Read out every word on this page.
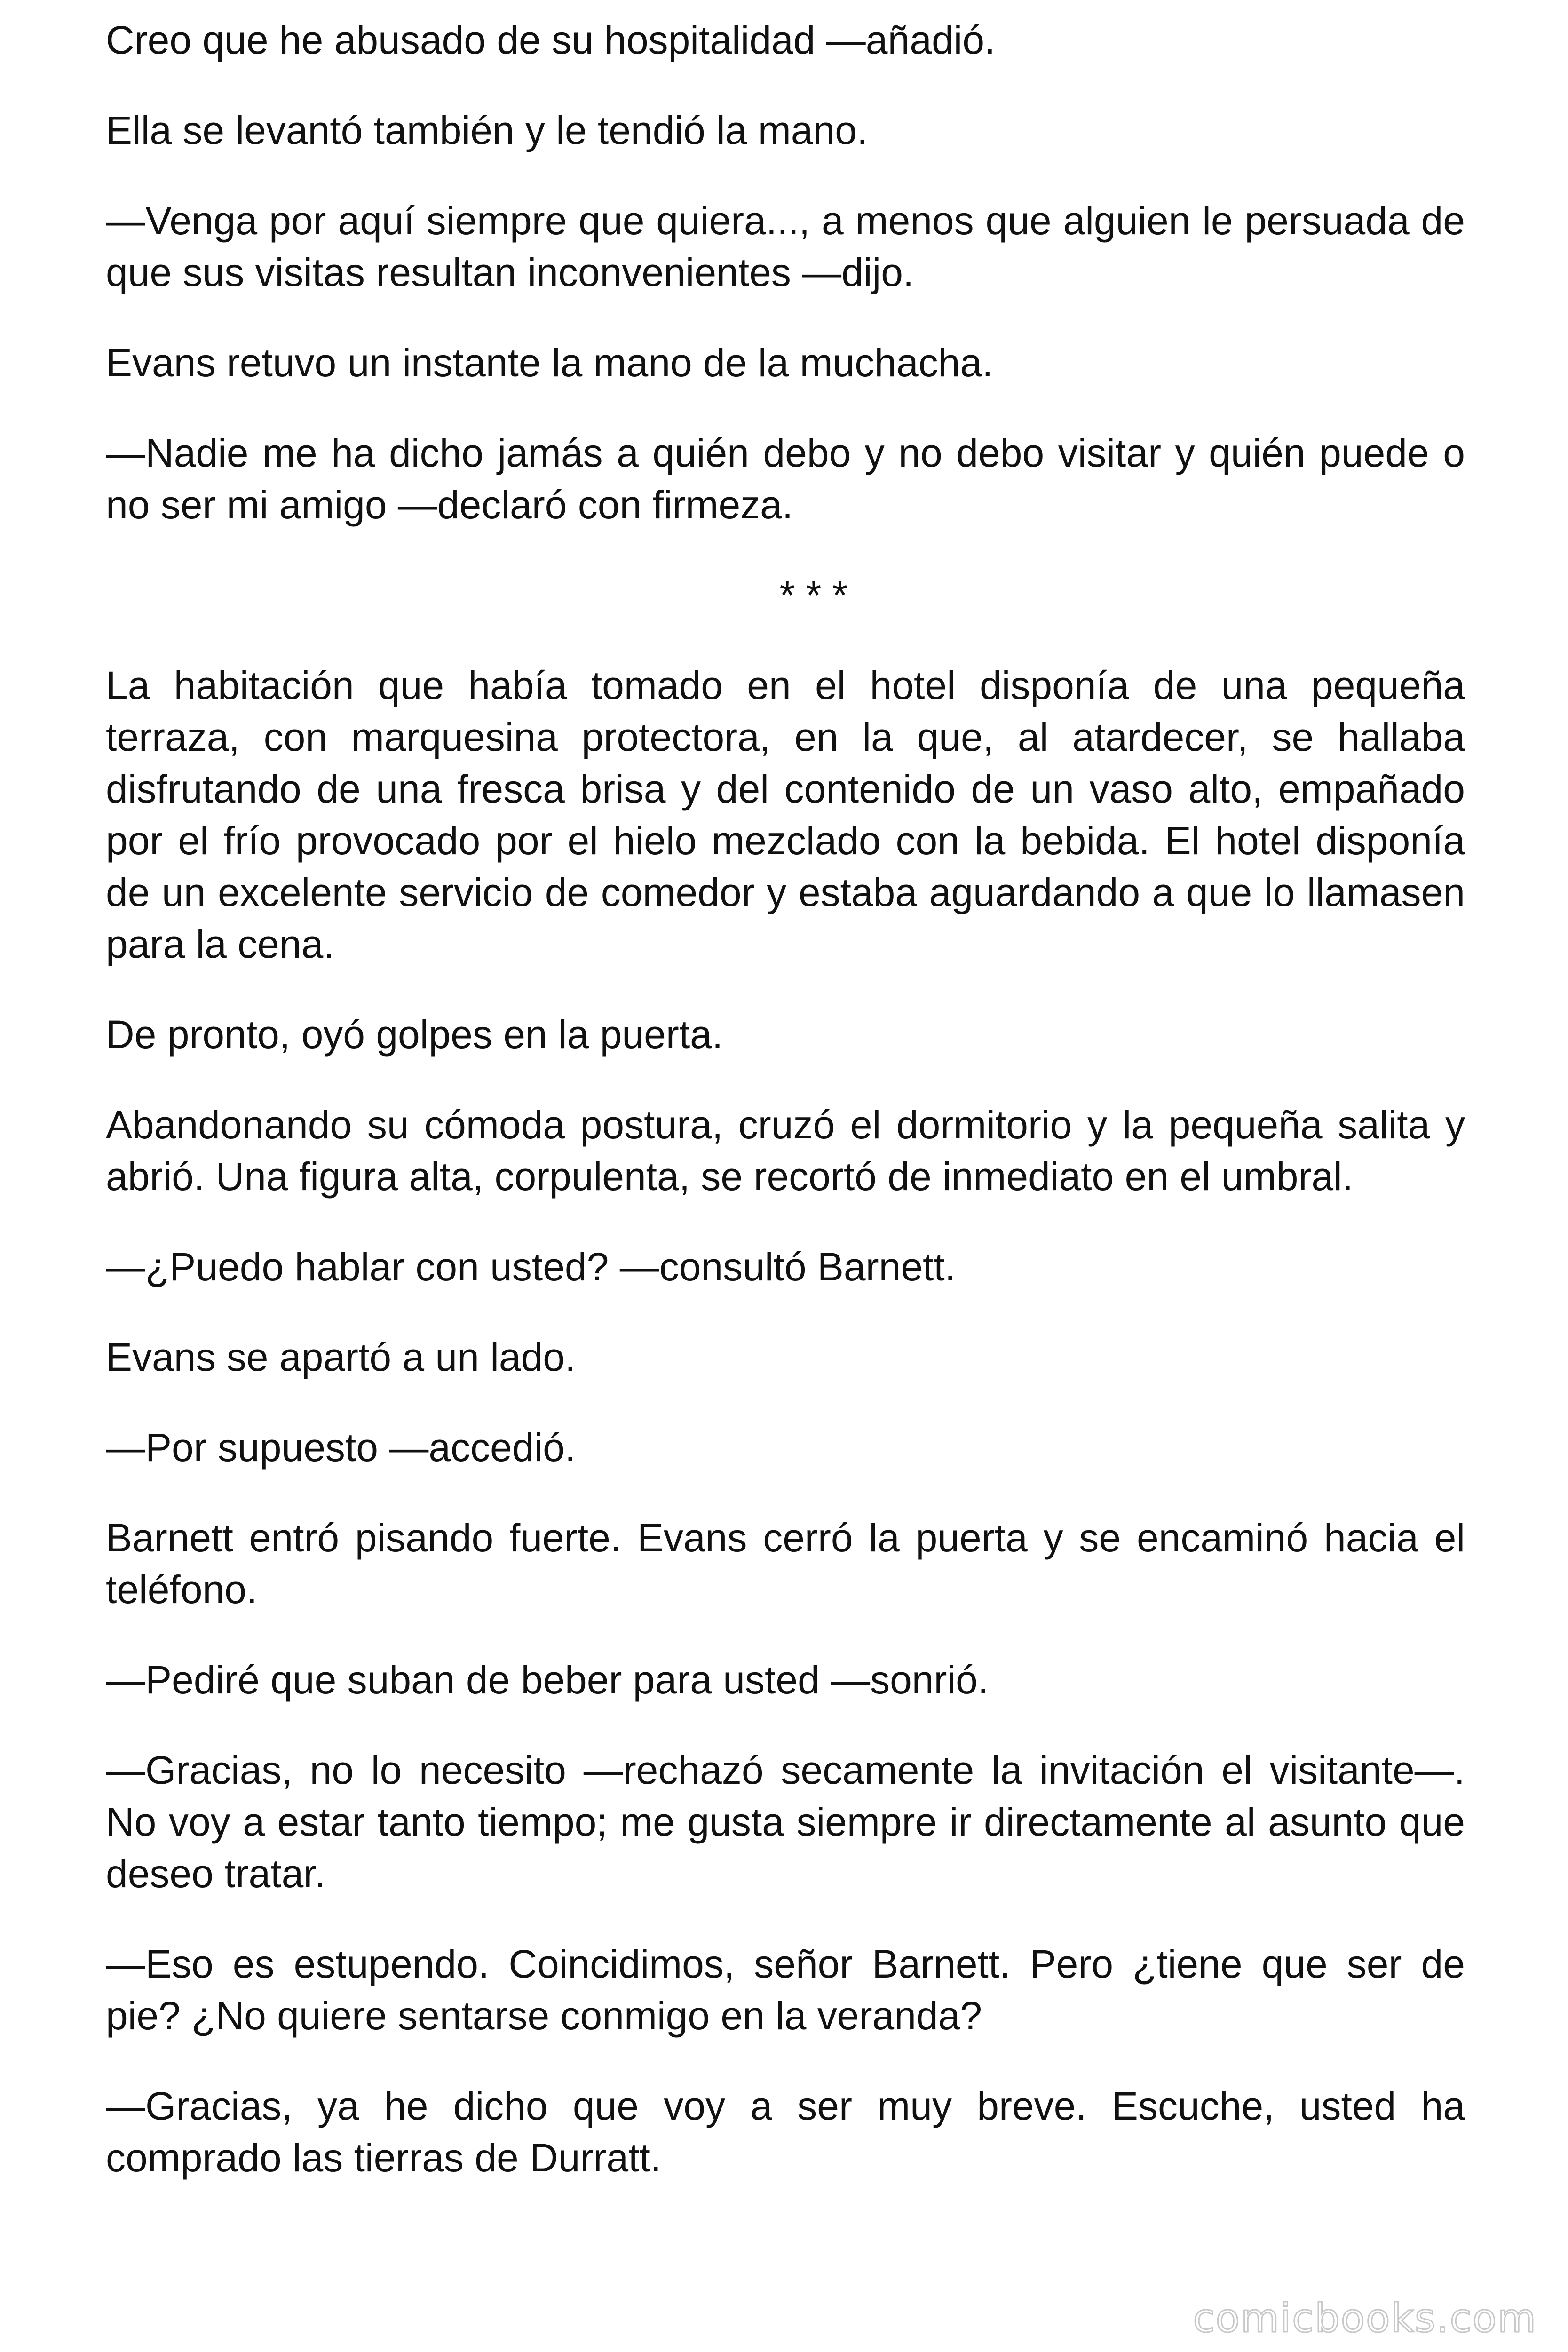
Creo que he abusado de su hospitalidad —añadió.

Ella se levantó también y le tendió la mano.

—Venga por aquí siempre que quiera..., a menos que alguien le persuada de que sus visitas resultan inconvenientes —dijo.

Evans retuvo un instante la mano de la muchacha.

—Nadie me ha dicho jamás a quién debo y no debo visitar y quién puede o no ser mi amigo —declaró con firmeza.

* * *

La habitación que había tomado en el hotel disponía de una pequeña terraza, con marquesina protectora, en la que, al atardecer, se hallaba disfrutando de una fresca brisa y del contenido de un vaso alto, empañado por el frío provocado por el hielo mezclado con la bebida. El hotel disponía de un excelente servicio de comedor y estaba aguardando a que lo llamasen para la cena.

De pronto, oyó golpes en la puerta.

Abandonando su cómoda postura, cruzó el dormitorio y la pequeña salita y abrió. Una figura alta, corpulenta, se recortó de inmediato en el umbral.

—¿Puedo hablar con usted? —consultó Barnett.

Evans se apartó a un lado.

—Por supuesto —accedió.

Barnett entró pisando fuerte. Evans cerró la puerta y se encaminó hacia el teléfono.

—Pediré que suban de beber para usted —sonrió.

—Gracias, no lo necesito —rechazó secamente la invitación el visitante—. No voy a estar tanto tiempo; me gusta siempre ir directamente al asunto que deseo tratar.

—Eso es estupendo. Coincidimos, señor Barnett. Pero ¿tiene que ser de pie? ¿No quiere sentarse conmigo en la veranda?

—Gracias, ya he dicho que voy a ser muy breve. Escuche, usted ha comprado las tierras de Durratt.

comicbooks.com
